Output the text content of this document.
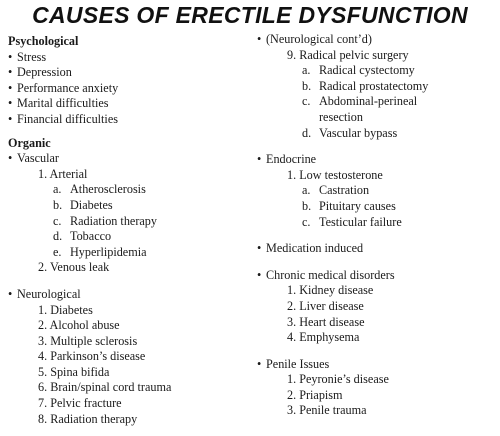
CAUSES OF ERECTILE DYSFUNCTION
Psychological
• Stress
• Depression
• Performance anxiety
• Marital difficulties
• Financial difficulties
Organic
• Vascular
1. Arterial
a. Atherosclerosis
b. Diabetes
c. Radiation therapy
d. Tobacco
e. Hyperlipidemia
2. Venous leak
• Neurological
1. Diabetes
2. Alcohol abuse
3. Multiple sclerosis
4. Parkinson’s disease
5. Spina bifida
6. Brain/spinal cord trauma
7. Pelvic fracture
8. Radiation therapy
• (Neurological cont’d)
9. Radical pelvic surgery
a. Radical cystectomy
b. Radical prostatectomy
c. Abdominal-perineal
resection
d. Vascular bypass
• Endocrine
1. Low testosterone
a. Castration
b. Pituitary causes
c. Testicular failure
• Medication induced
• Chronic medical disorders
1. Kidney disease
2. Liver disease
3. Heart disease
4. Emphysema
• Penile Issues
1. Peyronie’s disease
2. Priapism
3. Penile trauma
